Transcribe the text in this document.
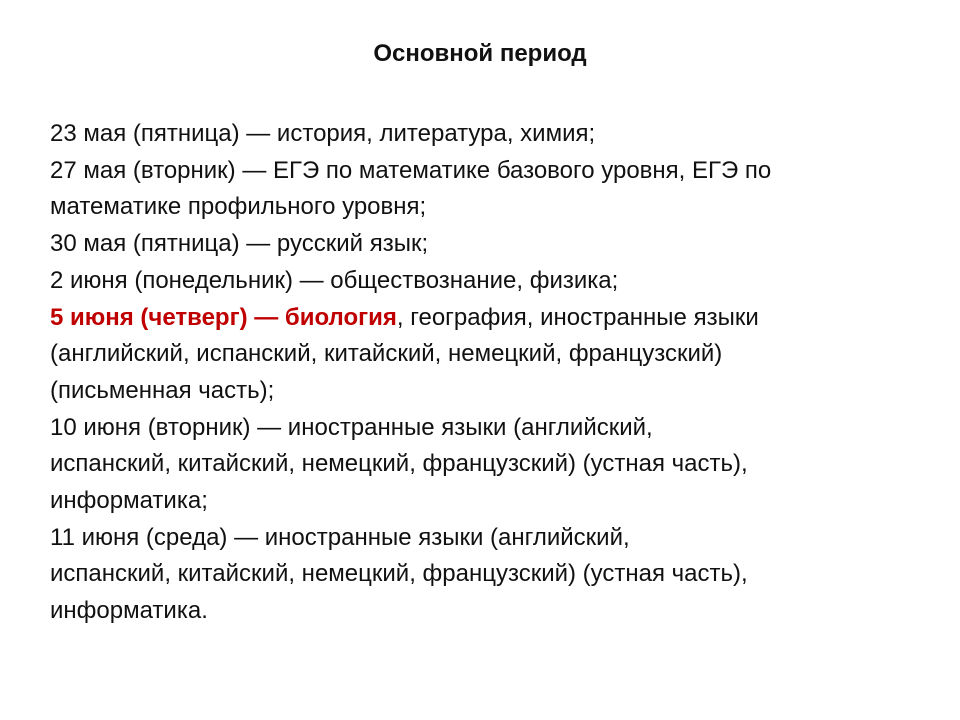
Основной период
23 мая (пятница) — история, литература, химия;
27 мая (вторник) — ЕГЭ по математике базового уровня, ЕГЭ по
математике профильного уровня;
30 мая (пятница) — русский язык;
2 июня (понедельник) — обществознание, физика;
5 июня (четверг) — биология, география, иностранные языки
(английский, испанский, китайский, немецкий, французский)
(письменная часть);
10 июня (вторник) — иностранные языки (английский,
испанский, китайский, немецкий, французский) (устная часть),
информатика;
11 июня (среда) — иностранные языки (английский,
испанский, китайский, немецкий, французский) (устная часть),
информатика.
